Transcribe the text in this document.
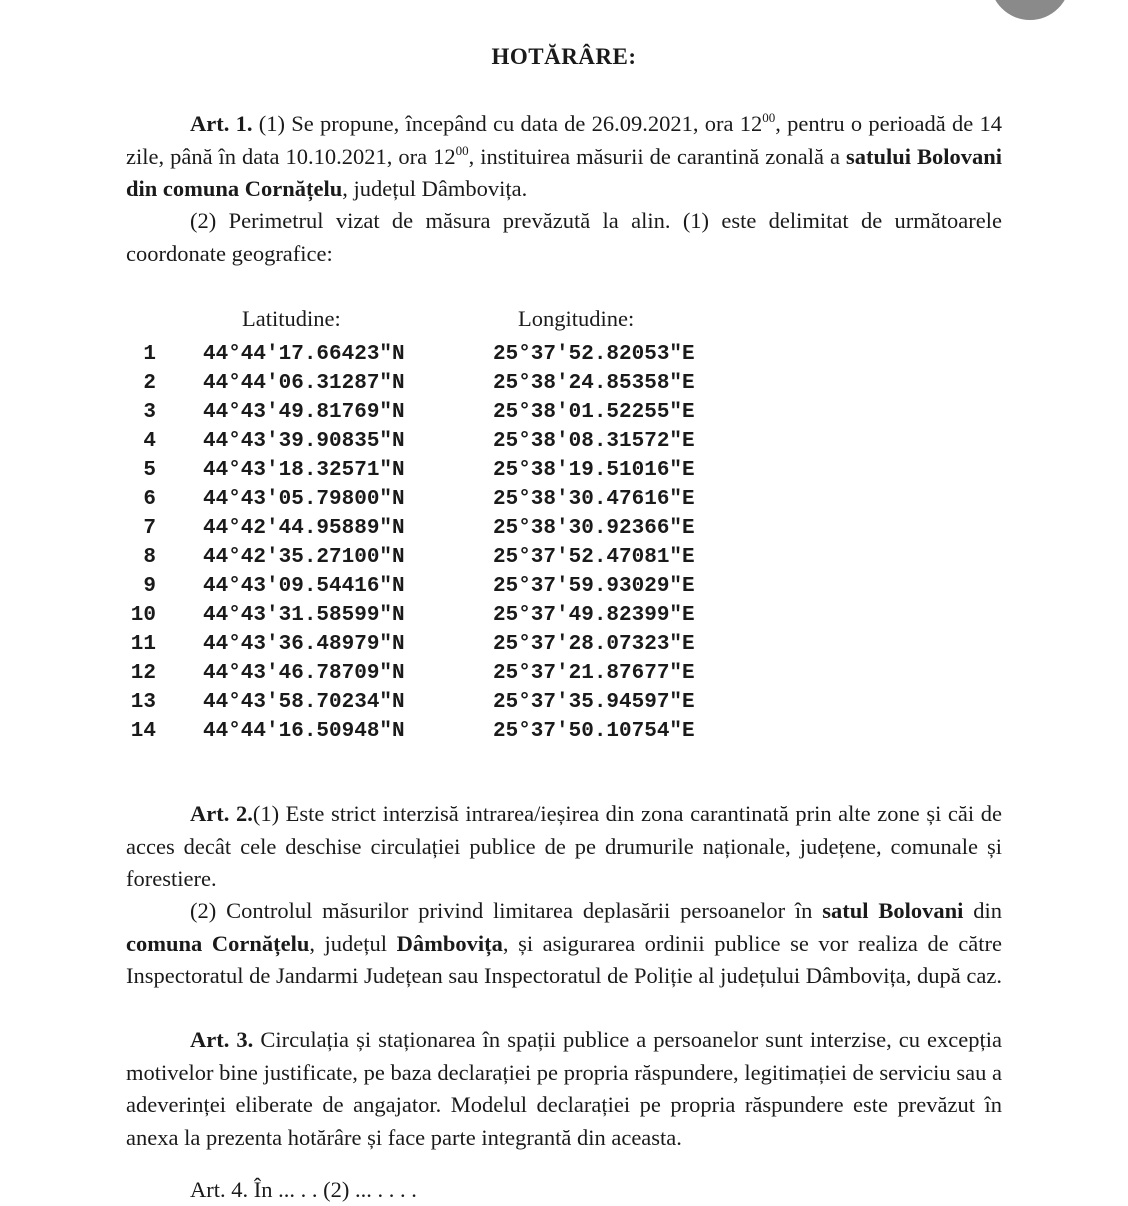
HOTĂRÂRE:
Art. 1. (1) Se propune, începând cu data de 26.09.2021, ora $12^{00}$, pentru o perioadă de 14 zile, până în data 10.10.2021, ora $12^{00}$, instituirea măsurii de carantină zonală a satului Bolovani din comuna Cornățelu, județul Dâmbovița.
(2) Perimetrul vizat de măsura prevăzută la alin. (1) este delimitat de următoarele coordonate geografice:
Latitudine:	Longitudine:
1 44°44'17.66423"N	25°37'52.82053"E
2 44°44'06.31287"N	25°38'24.85358"E
3 44°43'49.81769"N	25°38'01.52255"E
4 44°43'39.90835"N	25°38'08.31572"E
5 44°43'18.32571"N	25°38'19.51016"E
6 44°43'05.79800"N	25°38'30.47616"E
7 44°42'44.95889"N	25°38'30.92366"E
8 44°42'35.27100"N	25°37'52.47081"E
9 44°43'09.54416"N	25°37'59.93029"E
10 44°43'31.58599"N	25°37'49.82399"E
11 44°43'36.48979"N	25°37'28.07323"E
12 44°43'46.78709"N	25°37'21.87677"E
13 44°43'58.70234"N	25°37'35.94597"E
14 44°44'16.50948"N	25°37'50.10754"E
Art. 2.(1) Este strict interzisă intrarea/ieșirea din zona carantinată prin alte zone și căi de acces decât cele deschise circulației publice de pe drumurile naționale, județene, comunale și forestiere.
(2) Controlul măsurilor privind limitarea deplasării persoanelor în satul Bolovani din comuna Cornățelu, județul Dâmbovița, și asigurarea ordinii publice se vor realiza de către Inspectoratul de Jandarmi Județean sau Inspectoratul de Poliție al județului Dâmbovița, după caz.
Art. 3. Circulația și staționarea în spații publice a persoanelor sunt interzise, cu excepția motivelor bine justificate, pe baza declarației pe propria răspundere, legitimației de serviciu sau a adeverinței eliberate de angajator. Modelul declarației pe propria răspundere este prevăzut în anexa la prezenta hotărâre și face parte integrantă din aceasta.
Art. 4. În ... . . (2) ... . . . .
